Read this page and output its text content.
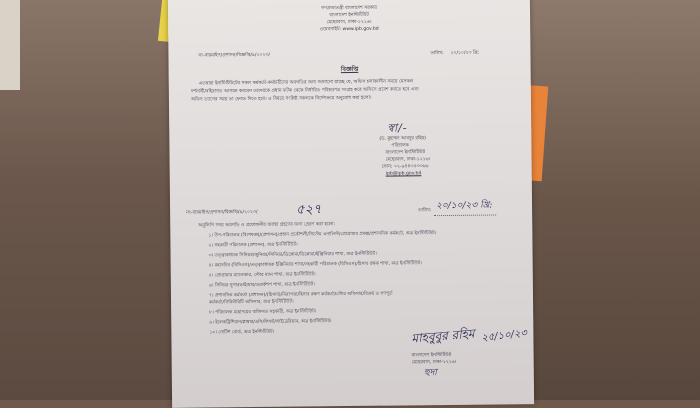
গণপ্রজাতন্ত্রী বাংলাদেশ সরকার
বাংলাদেশ ইনস্টিটিউট
মেহেরবাগ, ঢাকা-১২১৬।
ওয়েবসাইট: www.ipb.gov.bd
নং-বারমাইপ/প্রশাসন/বিজ্ঞপ্তি/৯/২০২৩/	তারিখ: ২০/১০/২৩ খ্রি:
বিজ্ঞপ্তি
এতদ্বারা ইনস্টিটিউটের সকল কর্মকর্তা-কর্মচারীদের অবগতির জন্য জানানো যাচ্ছে যে, অফিস চলাকালীন সময়ে যেসকল
দর্শনার্থী/বহিরাগত আগমন করবেন তাদেরকে প্রধান ফটক থেকে নির্ধারিত পরিচয়পত্র সংগ্রহ করে অফিসে প্রবেশ করতে হবে এবং
অফিস ত্যাগের সময় তা ফেরত দিতে হবে। এ বিষয়ে সংশ্লিষ্ট সকলকে নির্দেশক্রমে অনুরোধ করা হলো।
স্বা/-
(ড. মুহাম্মদ আবদুর রহিম)
পরিচালক
বাংলাদেশ ইনস্টিটিউট
মেহেরবাগ, ঢাকা-১২১৬।
ফোন: ০২-৯৪৪৩৫৩৩৬৬
ipb@ipb.gov.bd
নং-বারমাইপ/প্রশাসন/বিজ্ঞপ্তি/৯/২০২৩/	৫২৭	তারিখ: ২০/১০/২৩ খ্রি:
অনুলিপি সদয় অবগতি ও প্রয়োজনীয় ব্যবস্থা গ্রহণের জন্য প্রেরণ করা হলো:
১। উপ-পরিচালক (বিশেষজ্ঞ)/(প্রশাসন)/প্রধান প্রকৌশলী/সিস্টেম এনালিস্ট/প্রোগ্রামার প্রকল্প/প্রশাসনিক কর্মকর্তা, অত্র ইনস্টিটিউট।
২। সহকারী পরিচালক (প্রশাসন), অত্র ইনস্টিটিউট।
৩। তত্ত্বাবধায়ক সিনিয়র/জুনিয়র/সিনিয়র/ডিপ্লোমা/ডিপ্লোমা/ইঞ্জিনিয়ার শাখা, অত্র ইনস্টিটিউট।
৪। মহাসচিব (বিসিএস)/তত্ত্বাবধায়ক ইঞ্জিনিয়ার শাখা/সহকারী পরিচালক (বিসিএস)/হিসাব রক্ষক শাখা, অত্র ইনস্টিটিউট।
৫। প্রোগ্রামার ম্যানেজার, স্টোর ম্যান শাখা, অত্র ইনস্টিটিউট।
৬। সিনিয়র সুপারভাইজার/ওয়ার্কশপ শাখা, অত্র ইনস্টিটিউট।
৭। প্রশাসনিক কর্মকর্তা (প্রশাসন)/(হিসাব)/নিরাপত্তা/হিসাব রক্ষণ কর্মকর্তা/স্টোর অফিসার/বিক্রয় ও গণপূর্ত
কর্মকর্তা/সিকিউরিটি অফিসার, অত্র ইনস্টিটিউট।
৮। পরিচালক মহোদয়ের ব্যক্তিগত সহকারী, অত্র ইনস্টিটিউট।
৯। ইলেকট্রিশিয়ান/প্লাম্বার/এসি/লিফট/লাইব্রেরিয়ান, অত্র ইনস্টিটিউট।
১০। নোটিশ বোর্ড, অত্র ইনস্টিটিউট।	মাহবুবুর রহিম ২৫/১০/২৩
বাংলাদেশ ইনস্টিটিউট
মেহেরবাগ, ঢাকা-১২১৬।
হুদা
